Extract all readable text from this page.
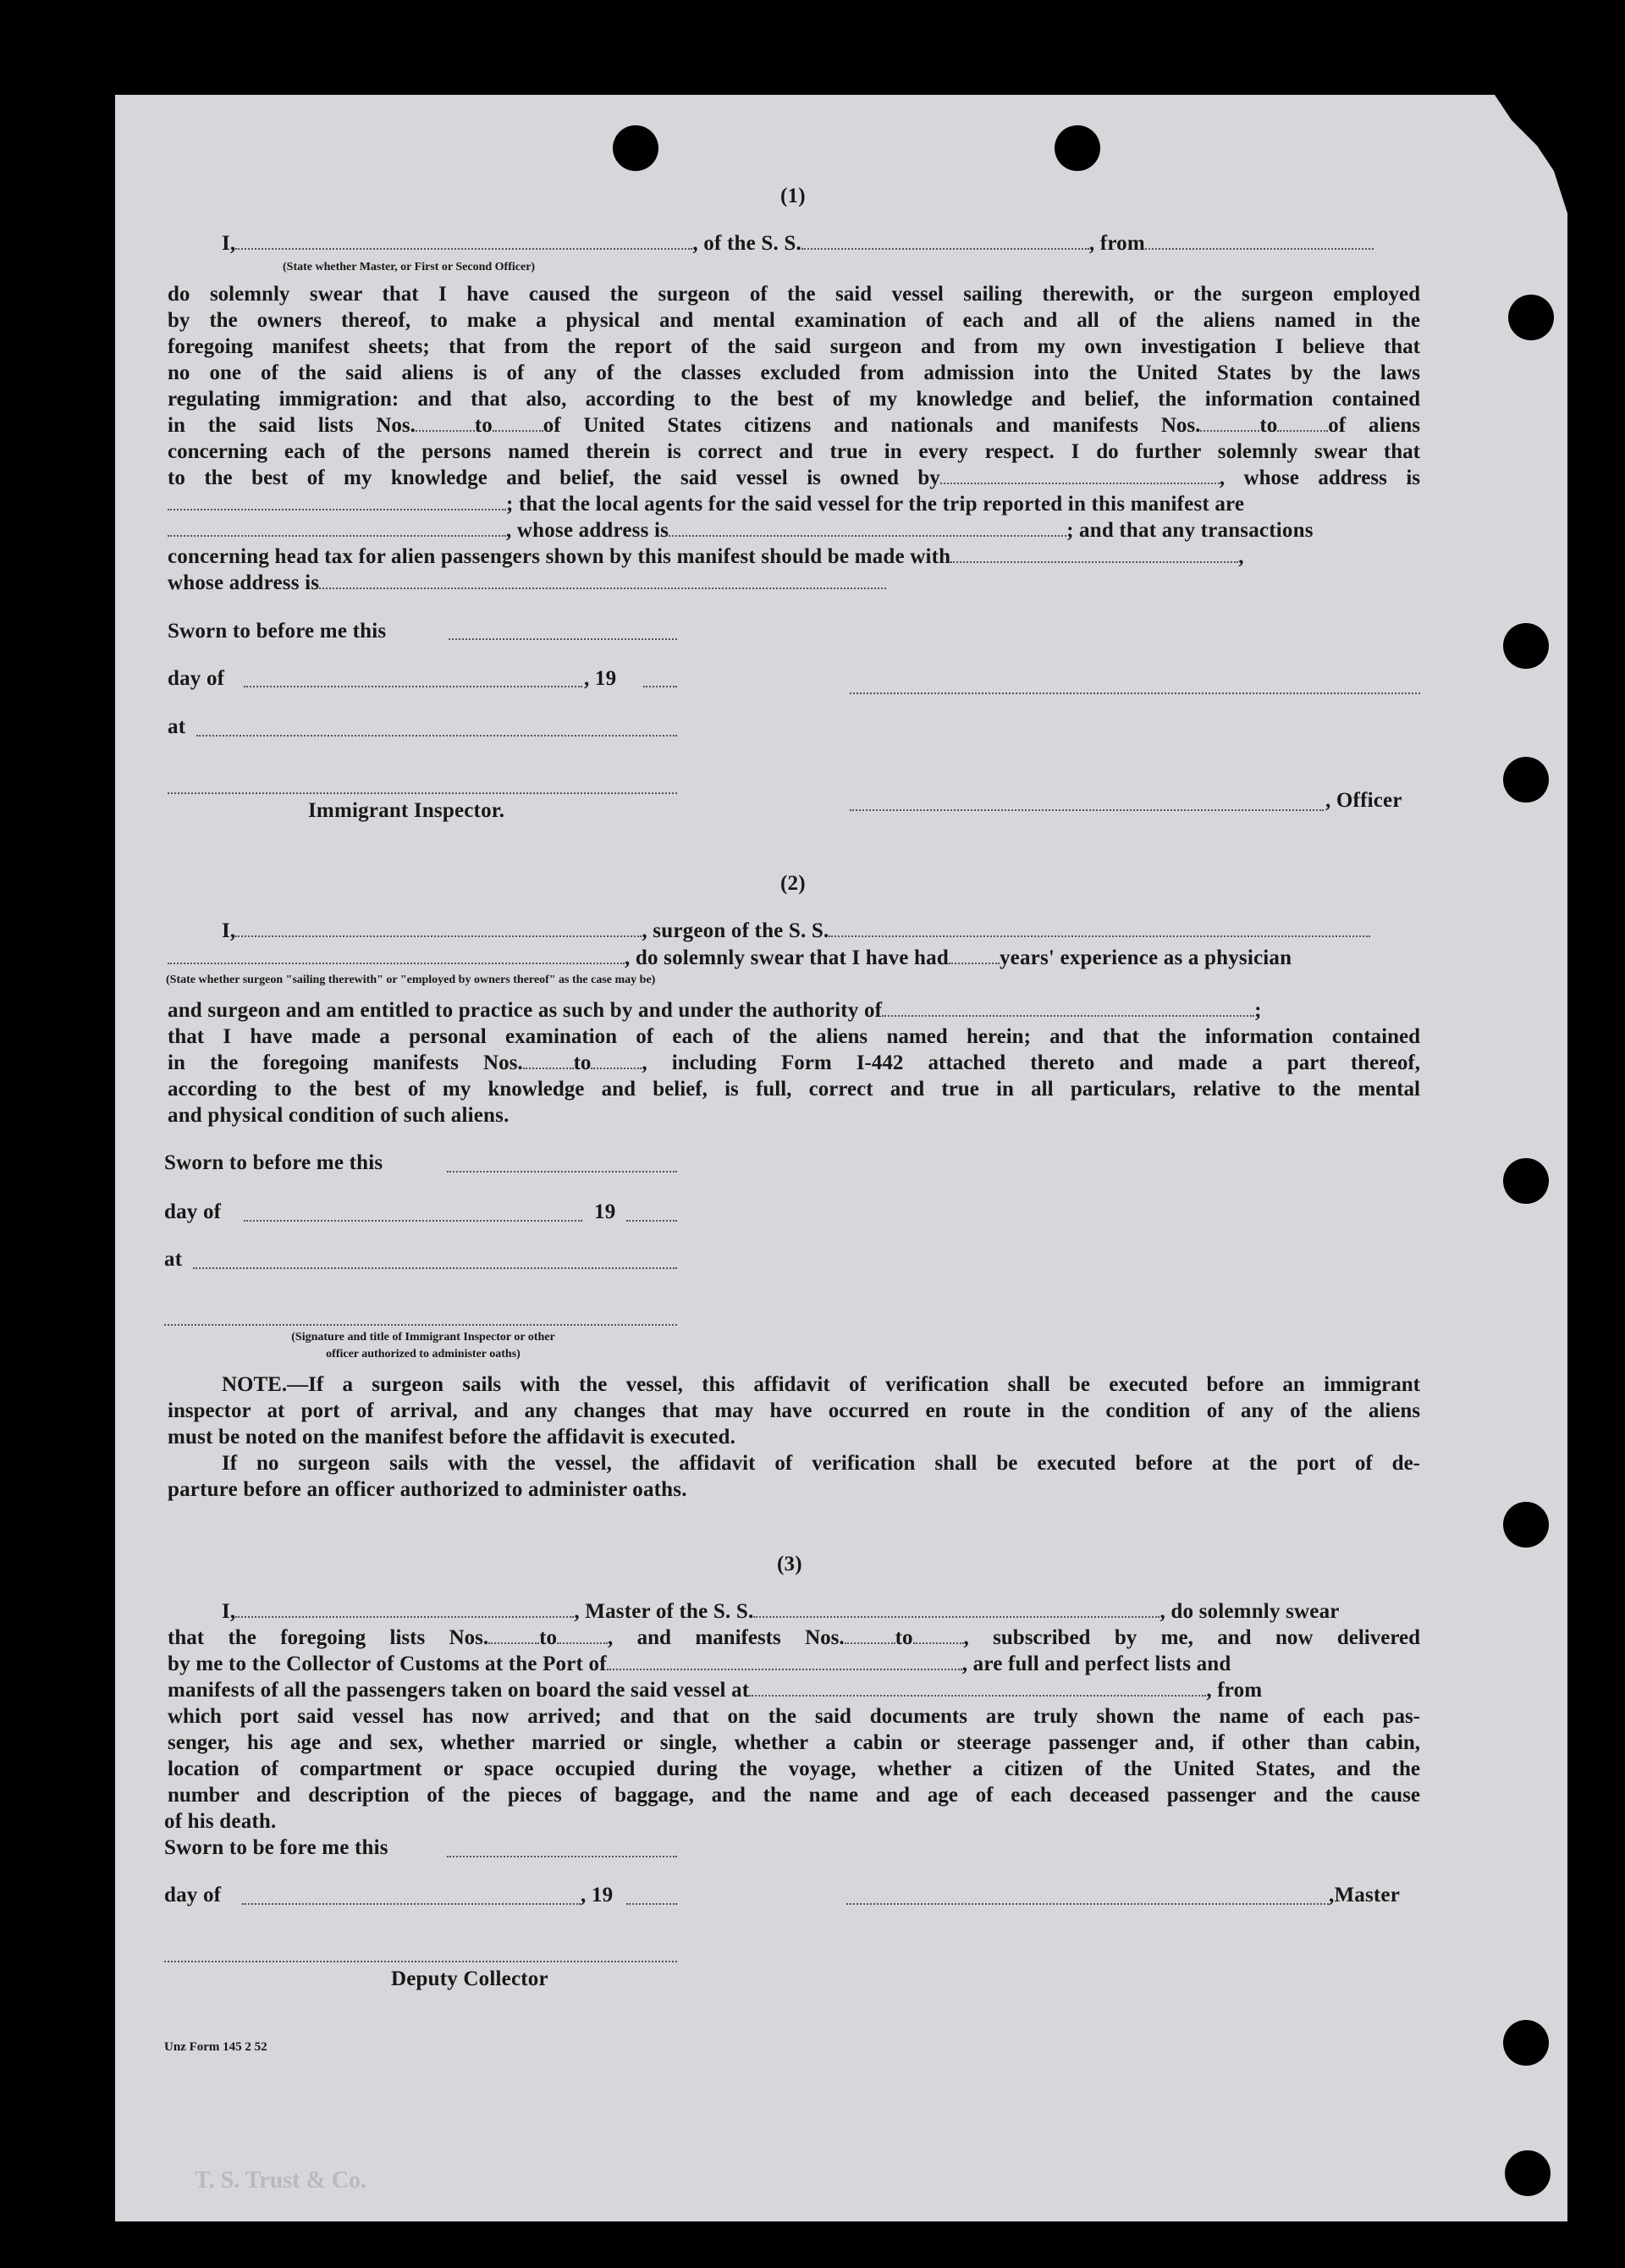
(1)
I,	, of the S. S.	, from
(State whether Master, or First or Second Officer)
do solemnly swear that I have caused the surgeon of the said vessel sailing therewith, or the surgeon employed
by the owners thereof, to make a physical and mental examination of each and all of the aliens named in the
foregoing manifest sheets; that from the report of the said surgeon and from my own investigation I believe that
no one of the said aliens is of any of the classes excluded from admission into the United States by the laws
regulating immigration: and that also, according to the best of my knowledge and belief, the information contained
in the said lists Nos.	to of United States citizens and nationals and manifests Nos.	to of aliens
concerning each of the persons named therein is correct and true in every respect. I do further solemnly swear that
to the best of my knowledge and belief, the said vessel is owned by	, whose address is
; that the local agents for the said vessel for the trip reported in this manifest are
, whose address is	; and that any transactions
concerning head tax for alien passengers shown by this manifest should be made with	,
whose address is
Sworn to before me this
day of	, 19
at
Immigrant Inspector.	, Officer
(2)
I,	, surgeon of the S. S.
, do solemnly swear that I have had years' experience as a physician
(State whether surgeon "sailing therewith" or "employed by owners thereof" as the case may be)
and surgeon and am entitled to practice as such by and under the authority of	;
that I have made a personal examination of each of the aliens named herein; and that the information contained
in the foregoing manifests Nos. to , including Form I-442 attached thereto and made a part thereof,
according to the best of my knowledge and belief, is full, correct and true in all particulars, relative to the mental
and physical condition of such aliens.
Sworn to before me this
day of	19
at
(Signature and title of Immigrant Inspector or other
officer authorized to administer oaths)
NOTE.—If a surgeon sails with the vessel, this affidavit of verification shall be executed before an immigrant
inspector at port of arrival, and any changes that may have occurred en route in the condition of any of the aliens
must be noted on the manifest before the affidavit is executed.
If no surgeon sails with the vessel, the affidavit of verification shall be executed before at the port of de-
parture before an officer authorized to administer oaths.
(3)
I,	, Master of the S. S.	, do solemnly swear
that the foregoing lists Nos. to , and manifests Nos. to , subscribed by me, and now delivered
by me to the Collector of Customs at the Port of	, are full and perfect lists and
manifests of all the passengers taken on board the said vessel at	, from
which port said vessel has now arrived; and that on the said documents are truly shown the name of each pas-
senger, his age and sex, whether married or single, whether a cabin or steerage passenger and, if other than cabin,
location of compartment or space occupied during the voyage, whether a citizen of the United States, and the
number and description of the pieces of baggage, and the name and age of each deceased passenger and the cause
of his death.
Sworn to be fore me this
day of	, 19	,Master
Deputy Collector
Unz Form 145 2 52
T. S. Trust & Co.
